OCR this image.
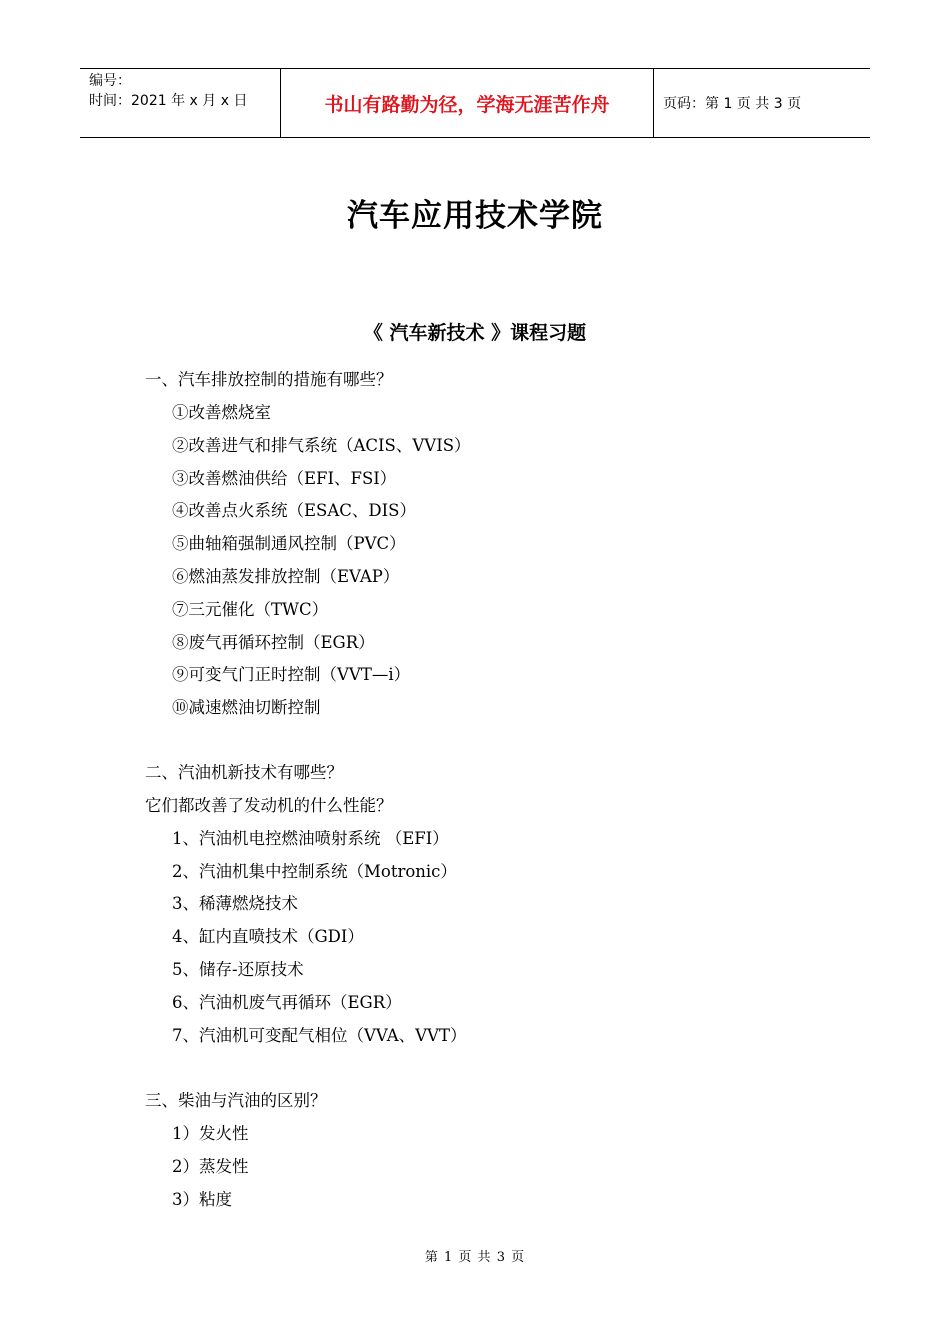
编号：
时间：2021 年 x 月 x 日	书山有路勤为径，学海无涯苦作舟	页码：第 1 页 共 3 页
汽车应用技术学院
《 汽车新技术 》课程习题
一、汽车排放控制的措施有哪些？
①改善燃烧室
②改善进气和排气系统（ACIS、VVIS）
③改善燃油供给（EFI、FSI）
④改善点火系统（ESAC、DIS）
⑤曲轴箱强制通风控制（PVC）
⑥燃油蒸发排放控制（EVAP）
⑦三元催化（TWC）
⑧废气再循环控制（EGR）
⑨可变气门正时控制（VVT—i）
⑩减速燃油切断控制
二、汽油机新技术有哪些？
它们都改善了发动机的什么性能？
1、汽油机电控燃油喷射系统 （EFI）
2、汽油机集中控制系统（Motronic）
3、稀薄燃烧技术
4、缸内直喷技术（GDI）
5、储存-还原技术
6、汽油机废气再循环（EGR）
7、汽油机可变配气相位（VVA、VVT）
三、柴油与汽油的区别？
1）发火性
2）蒸发性
3）粘度
第 1 页 共 3 页
